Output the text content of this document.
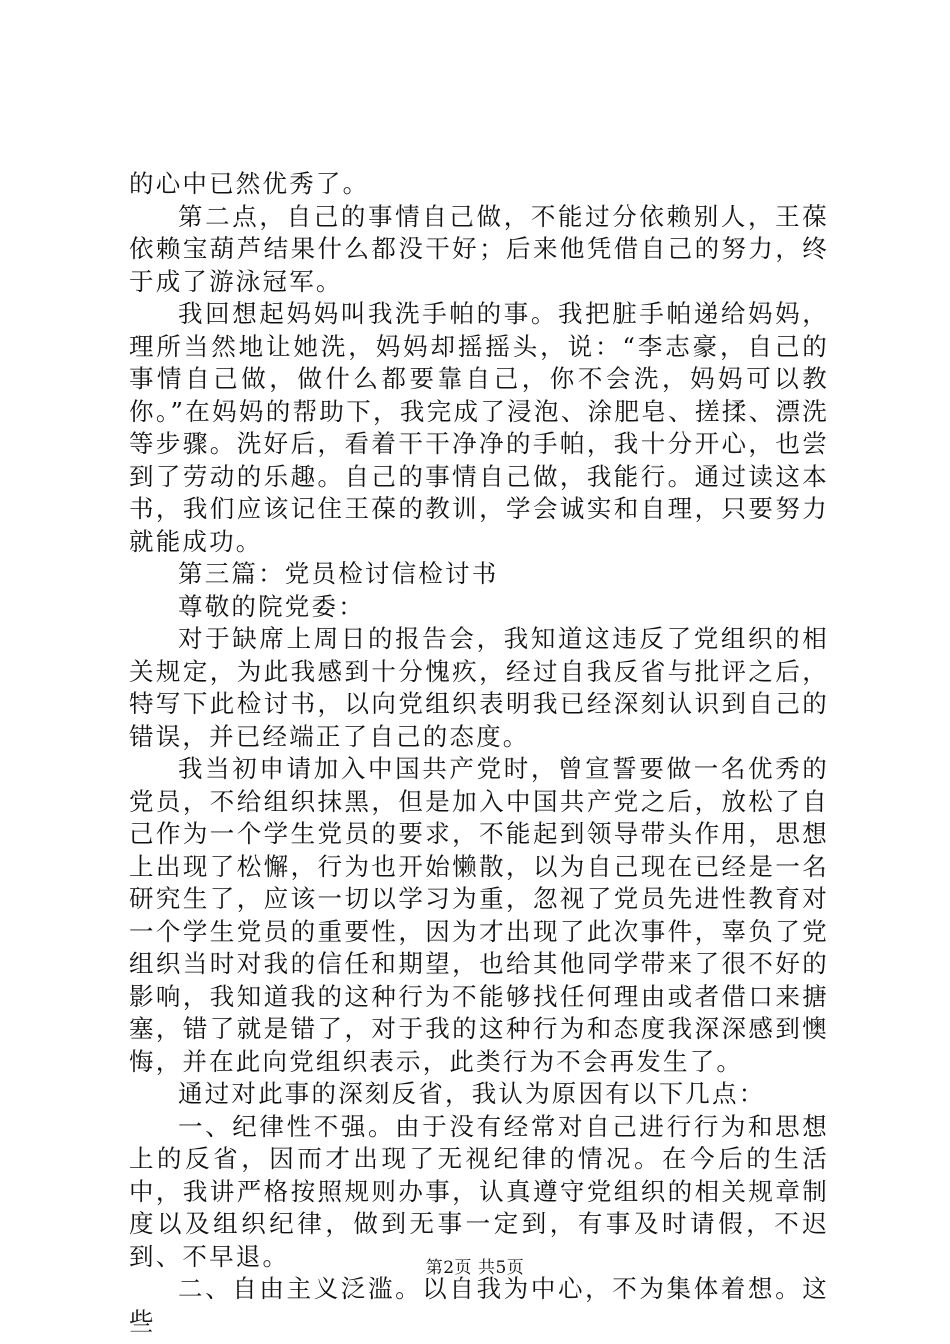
的心中已然优秀了。

第二点，自己的事情自己做，不能过分依赖别人，王葆依赖宝葫芦结果什么都没干好；后来他凭借自己的努力，终于成了游泳冠军。

我回想起妈妈叫我洗手帕的事。我把脏手帕递给妈妈，理所当然地让她洗，妈妈却摇摇头，说：“李志豪，自己的事情自己做，做什么都要靠自己，你不会洗，妈妈可以教你。”在妈妈的帮助下，我完成了浸泡、涂肥皂、搓揉、漂洗等步骤。洗好后，看着干干净净的手帕，我十分开心，也尝到了劳动的乐趣。自己的事情自己做，我能行。通过读这本书，我们应该记住王葆的教训，学会诚实和自理，只要努力就能成功。

第三篇：党员检讨信检讨书

尊敬的院党委：

对于缺席上周日的报告会，我知道这违反了党组织的相关规定，为此我感到十分愧疚，经过自我反省与批评之后，特写下此检讨书，以向党组织表明我已经深刻认识到自己的错误，并已经端正了自己的态度。

我当初申请加入中国共产党时，曾宣誓要做一名优秀的党员，不给组织抹黑，但是加入中国共产党之后，放松了自己作为一个学生党员的要求，不能起到领导带头作用，思想上出现了松懈，行为也开始懒散，以为自己现在已经是一名研究生了，应该一切以学习为重，忽视了党员先进性教育对一个学生党员的重要性，因为才出现了此次事件，辜负了党组织当时对我的信任和期望，也给其他同学带来了很不好的影响，我知道我的这种行为不能够找任何理由或者借口来搪塞，错了就是错了，对于我的这种行为和态度我深深感到懊悔，并在此向党组织表示，此类行为不会再发生了。

通过对此事的深刻反省，我认为原因有以下几点：

一、纪律性不强。由于没有经常对自己进行行为和思想上的反省，因而才出现了无视纪律的情况。在今后的生活中，我讲严格按照规则办事，认真遵守党组织的相关规章制度以及组织纪律，做到无事一定到，有事及时请假，不迟到、不早退。

二、自由主义泛滥。以自我为中心，不为集体着想。这些

第2页 共5页
